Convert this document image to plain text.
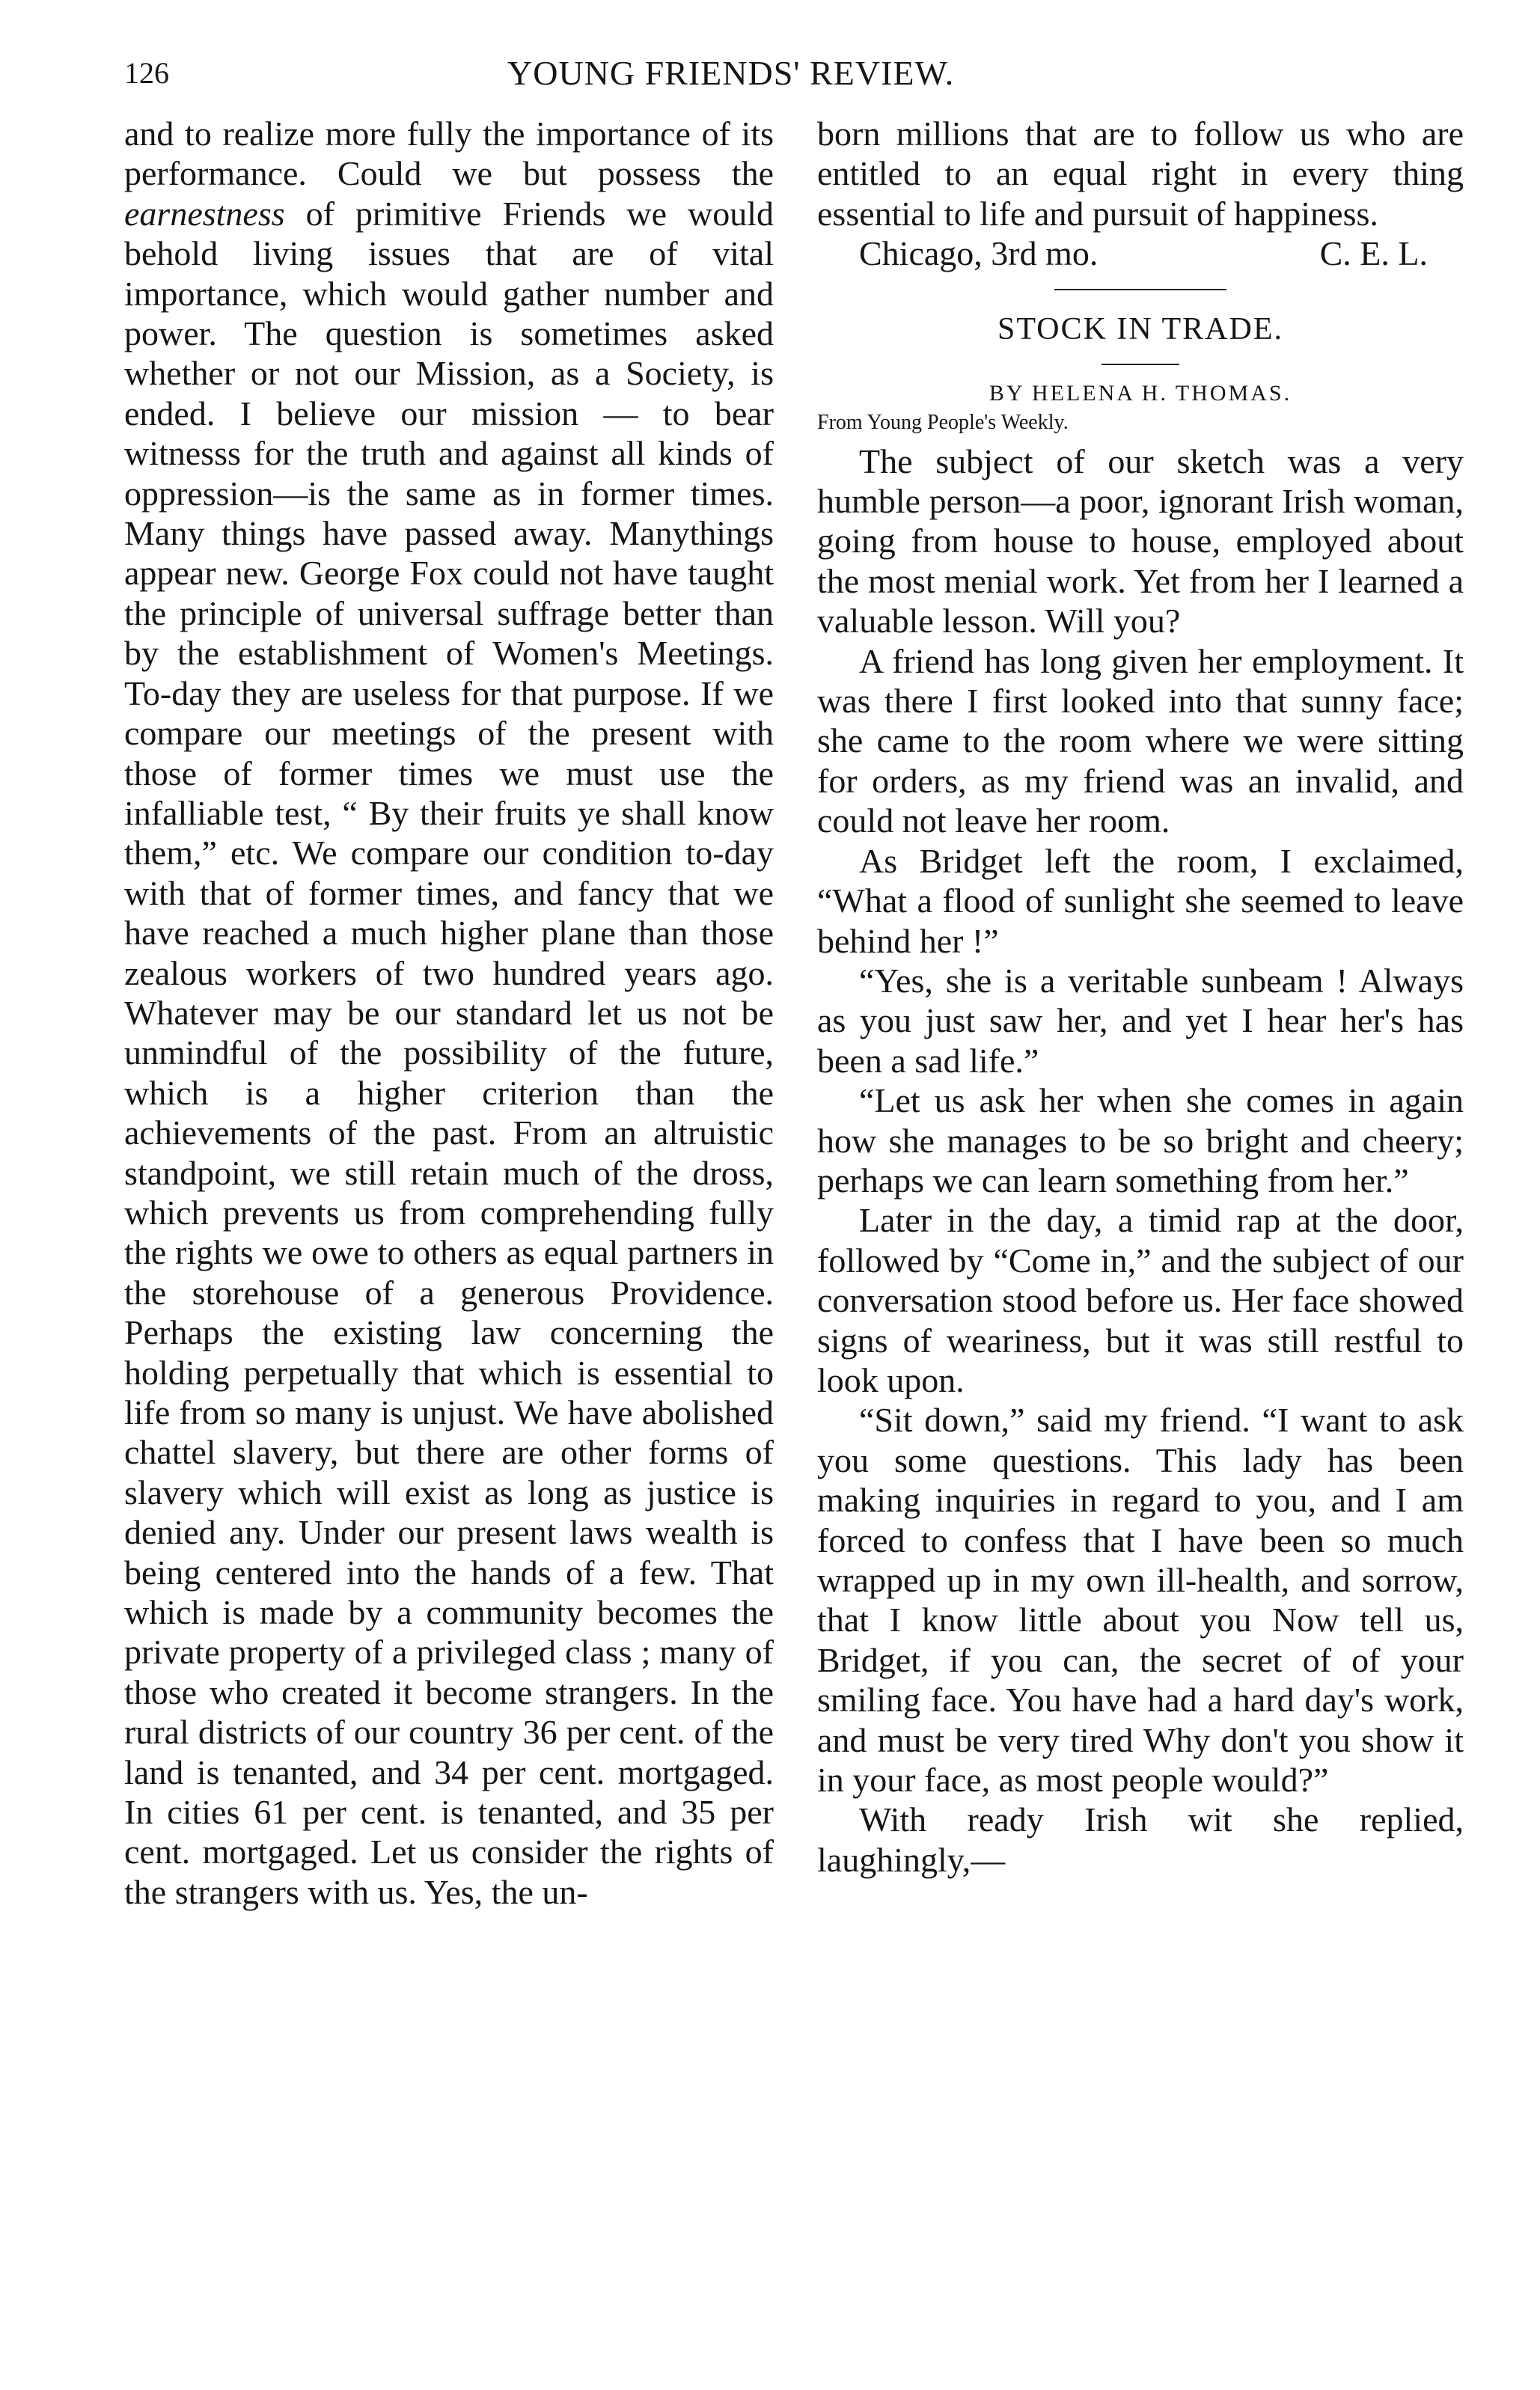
126	YOUNG FRIENDS' REVIEW.

and to realize more fully the importance of its performance. Could we but possess the earnestness of primitive Friends we would behold living issues that are of vital importance, which would gather number and power. The question is sometimes asked whether or not our Mission, as a Society, is ended. I believe our mission — to bear witnesss for the truth and against all kinds of oppression—is the same as in former times. Many things have passed away. Manythings appear new. George Fox could not have taught the principle of universal suffrage better than by the establishment of Women's Meetings. To-day they are useless for that purpose. If we compare our meetings of the present with those of former times we must use the infalliable test, “ By their fruits ye shall know them,” etc. We compare our condition to-day with that of former times, and fancy that we have reached a much higher plane than those zealous workers of two hundred years ago. Whatever may be our standard let us not be unmindful of the possibility of the future, which is a higher criterion than the achievements of the past. From an altruistic standpoint, we still retain much of the dross, which prevents us from comprehending fully the rights we owe to others as equal partners in the storehouse of a generous Providence. Perhaps the existing law concerning the holding perpetually that which is essential to life from so many is unjust. We have abolished chattel slavery, but there are other forms of slavery which will exist as long as justice is denied any. Under our present laws wealth is being centered into the hands of a few. That which is made by a community becomes the private property of a privileged class ; many of those who created it become strangers. In the rural districts of our country 36 per cent. of the land is tenanted, and 34 per cent. mortgaged. In cities 61 per cent. is tenanted, and 35 per cent. mortgaged. Let us consider the rights of the strangers with us. Yes, the un-

born millions that are to follow us who are entitled to an equal right in every thing essential to life and pursuit of happiness.

Chicago, 3rd mo.	C. E. L.

STOCK IN TRADE.

BY HELENA H. THOMAS.

From Young People's Weekly.

The subject of our sketch was a very humble person—a poor, ignorant Irish woman, going from house to house, employed about the most menial work. Yet from her I learned a valuable lesson. Will you?

A friend has long given her employment. It was there I first looked into that sunny face; she came to the room where we were sitting for orders, as my friend was an invalid, and could not leave her room.

As Bridget left the room, I exclaimed, “What a flood of sunlight she seemed to leave behind her !”

“Yes, she is a veritable sunbeam ! Always as you just saw her, and yet I hear her's has been a sad life.”

“Let us ask her when she comes in again how she manages to be so bright and cheery; perhaps we can learn something from her.”

Later in the day, a timid rap at the door, followed by “Come in,” and the subject of our conversation stood before us. Her face showed signs of weariness, but it was still restful to look upon.

“Sit down,” said my friend. “I want to ask you some questions. This lady has been making inquiries in regard to you, and I am forced to confess that I have been so much wrapped up in my own ill-health, and sorrow, that I know little about you Now tell us, Bridget, if you can, the secret of of your smiling face. You have had a hard day's work, and must be very tired Why don't you show it in your face, as most people would?”

With ready Irish wit she replied, laughingly,—
